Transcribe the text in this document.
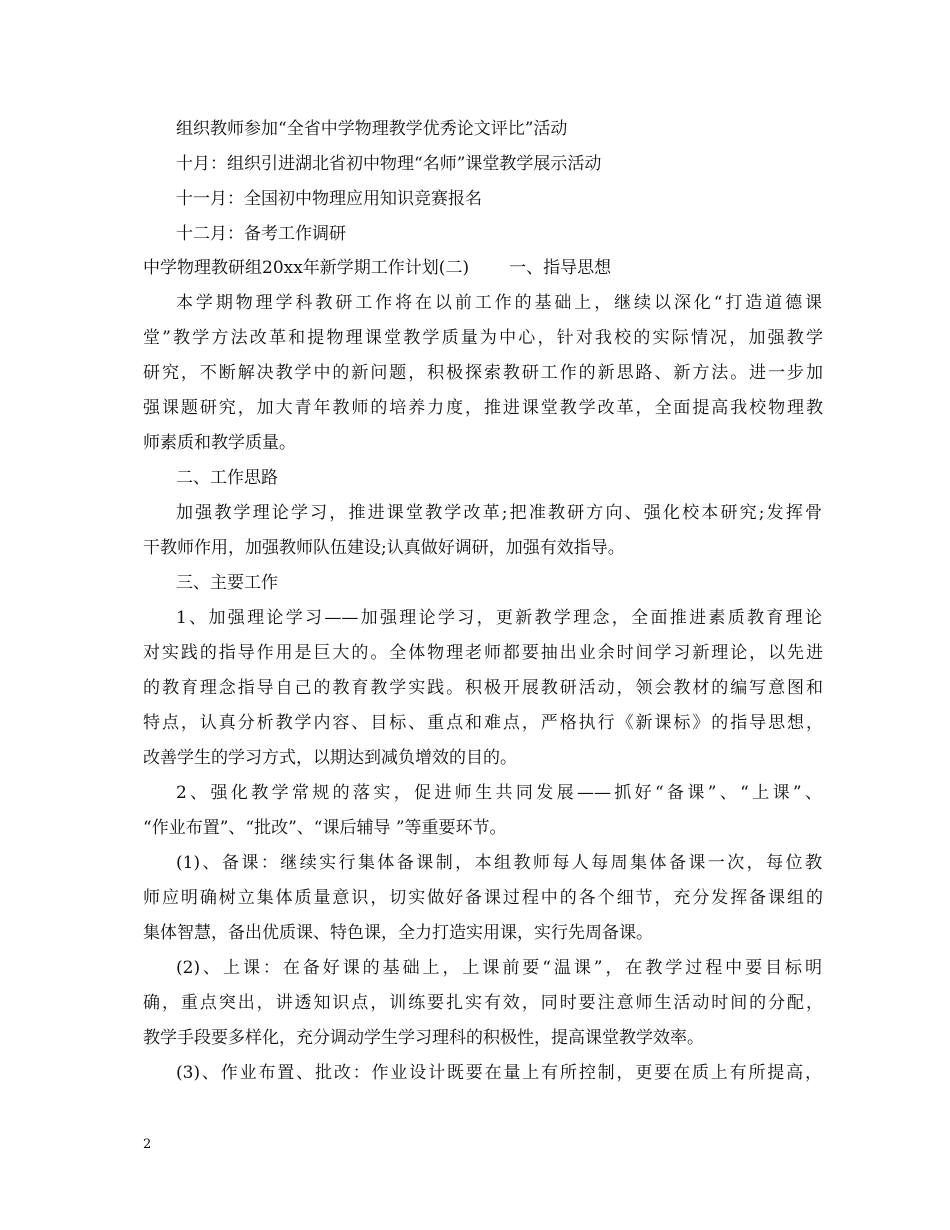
组织教师参加“全省中学物理教学优秀论文评比”活动
十月：组织引进湖北省初中物理“名师”课堂教学展示活动
十一月：全国初中物理应用知识竞赛报名
十二月：备考工作调研
中学物理教研组20xx年新学期工作计划(二) 一、指导思想
本学期物理学科教研工作将在以前工作的基础上，继续以深化“打造道德课
堂”教学方法改革和提物理课堂教学质量为中心，针对我校的实际情况，加强教学
研究，不断解决教学中的新问题，积极探索教研工作的新思路、新方法。进一步加
强课题研究，加大青年教师的培养力度，推进课堂教学改革，全面提高我校物理教
师素质和教学质量。
二、工作思路
加强教学理论学习，推进课堂教学改革;把准教研方向、强化校本研究;发挥骨
干教师作用，加强教师队伍建设;认真做好调研，加强有效指导。
三、主要工作
1、加强理论学习——加强理论学习，更新教学理念，全面推进素质教育理论
对实践的指导作用是巨大的。全体物理老师都要抽出业余时间学习新理论，以先进
的教育理念指导自己的教育教学实践。积极开展教研活动，领会教材的编写意图和
特点，认真分析教学内容、目标、重点和难点，严格执行《新课标》的指导思想，
改善学生的学习方式，以期达到减负增效的目的。
2、强化教学常规的落实，促进师生共同发展——抓好“备课”、“上课”、
“作业布置”、“批改”、“课后辅导 ”等重要环节。
(1)、备课：继续实行集体备课制，本组教师每人每周集体备课一次，每位教
师应明确树立集体质量意识，切实做好备课过程中的各个细节，充分发挥备课组的
集体智慧，备出优质课、特色课，全力打造实用课，实行先周备课。
(2)、上课：在备好课的基础上，上课前要“温课”，在教学过程中要目标明
确，重点突出，讲透知识点，训练要扎实有效，同时要注意师生活动时间的分配，
教学手段要多样化，充分调动学生学习理科的积极性，提高课堂教学效率。
(3)、作业布置、批改：作业设计既要在量上有所控制，更要在质上有所提高，
2
